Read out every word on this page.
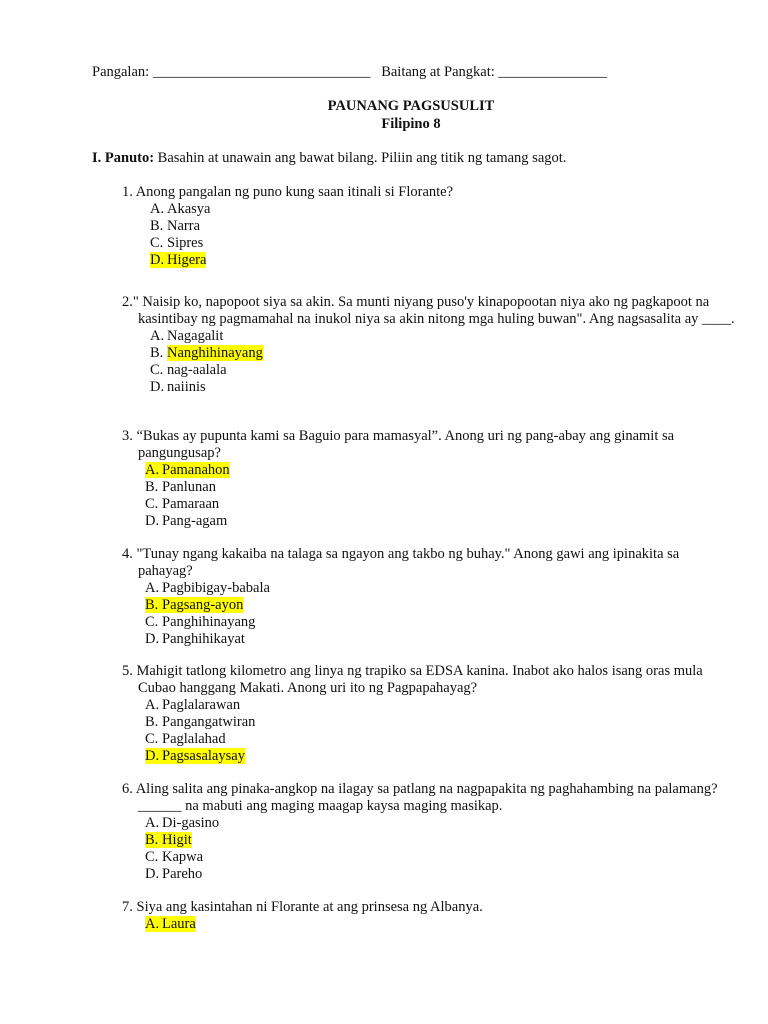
Pangalan: ______________________________ Baitang at Pangkat: _______________
PAUNANG PAGSUSULIT
Filipino 8
I. Panuto: Basahin at unawain ang bawat bilang. Piliin ang titik ng tamang sagot.
1. Anong pangalan ng puno kung saan itinali si Florante?
A. Akasya
B. Narra
C. Sipres
D. Higera
2." Naisip ko, napopoot siya sa akin. Sa munti niyang puso'y kinapopootan niya ako ng pagkapoot na kasintibay ng pagmamahal na inukol niya sa akin nitong mga huling buwan". Ang nagsasalita ay ____.
A. Nagagalit
B. Nanghihinayang
C. nag-aalala
D. naiinis
3. “Bukas ay pupunta kami sa Baguio para mamasyal”. Anong uri ng pang-abay ang ginamit sa pangungusap?
A. Pamanahon
B. Panlunan
C. Pamaraan
D. Pang-agam
4. "Tunay ngang kakaiba na talaga sa ngayon ang takbo ng buhay." Anong gawi ang ipinakita sa pahayag?
A. Pagbibigay-babala
B. Pagsang-ayon
C. Panghihinayang
D. Panghihikayat
5. Mahigit tatlong kilometro ang linya ng trapiko sa EDSA kanina. Inabot ako halos isang oras mula Cubao hanggang Makati. Anong uri ito ng Pagpapahayag?
A. Paglalarawan
B. Pangangatwiran
C. Paglalahad
D. Pagsasalaysay
6. Aling salita ang pinaka-angkop na ilagay sa patlang na nagpapakita ng paghahambing na palamang? ______ na mabuti ang maging maagap kaysa maging masikap.
A. Di-gasino
B. Higit
C. Kapwa
D. Pareho
7. Siya ang kasintahan ni Florante at ang prinsesa ng Albanya.
A. Laura
